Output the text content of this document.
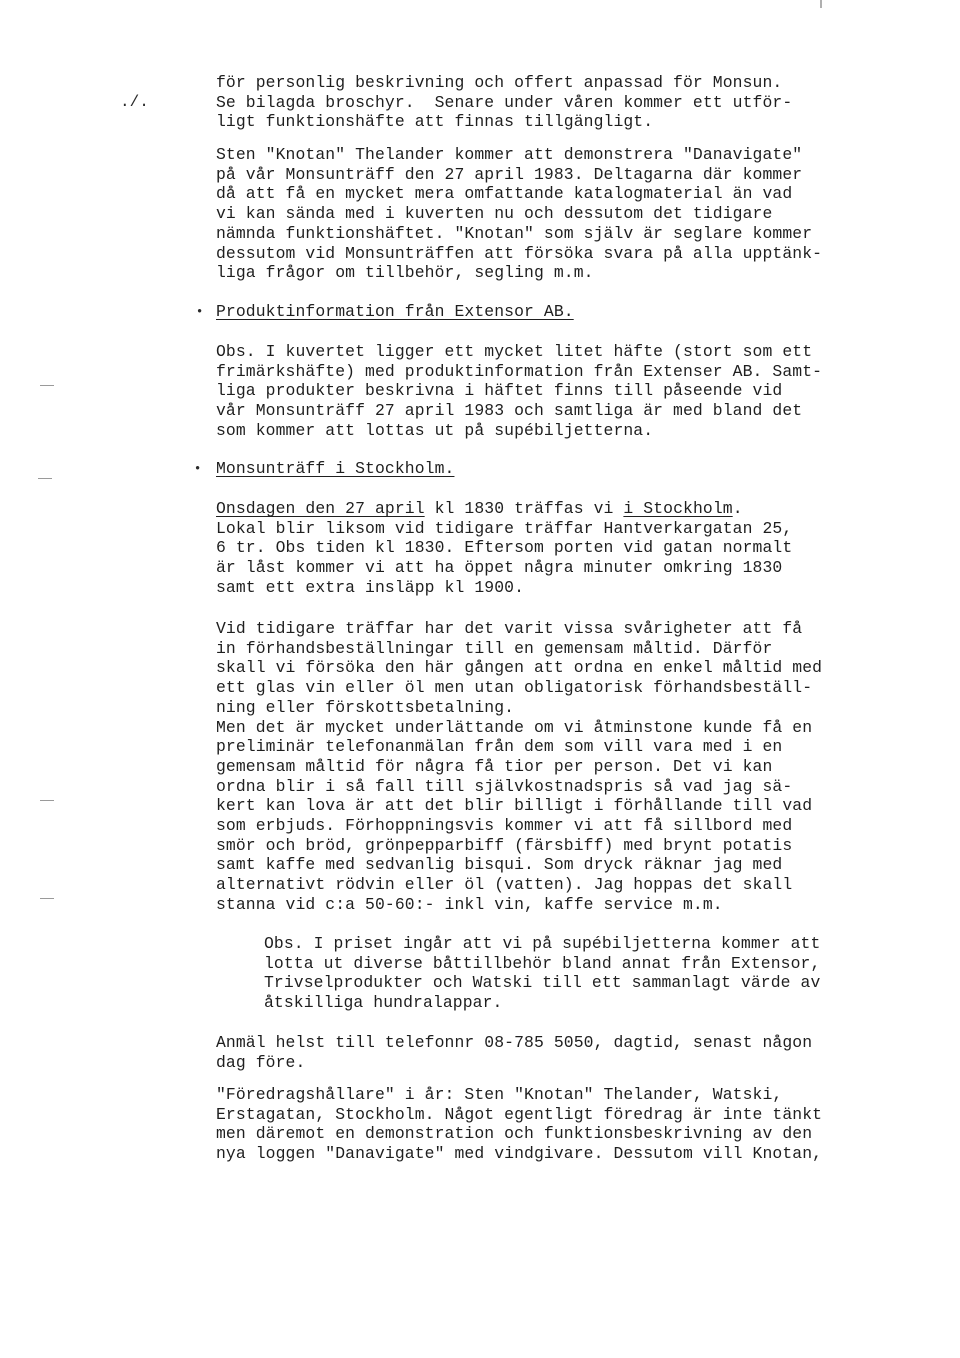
./.
för personlig beskrivning och offert anpassad för Monsun.
Se bilagda broschyr.  Senare under våren kommer ett utför-
ligt funktionshäfte att finnas tillgängligt.
Sten "Knotan" Thelander kommer att demonstrera "Danavigate"
på vår Monsunträff den 27 april 1983. Deltagarna där kommer
då att få en mycket mera omfattande katalogmaterial än vad
vi kan sända med i kuverten nu och dessutom det tidigare
nämnda funktionshäftet. "Knotan" som själv är seglare kommer
dessutom vid Monsunträffen att försöka svara på alla upptänk-
liga frågor om tillbehör, segling m.m.
• Produktinformation från Extensor AB.
Obs. I kuvertet ligger ett mycket litet häfte (stort som ett
frimärkshäfte) med produktinformation från Extenser AB. Samt-
liga produkter beskrivna i häftet finns till påseende vid
vår Monsunträff 27 april 1983 och samtliga är med bland det
som kommer att lottas ut på supébiljetterna.
• Monsunträff i Stockholm.
Onsdagen den 27 april kl 1830 träffas vi i Stockholm.
Lokal blir liksom vid tidigare träffar Hantverkargatan 25,
6 tr. Obs tiden kl 1830. Eftersom porten vid gatan normalt
är låst kommer vi att ha öppet några minuter omkring 1830
samt ett extra insläpp kl 1900.
Vid tidigare träffar har det varit vissa svårigheter att få
in förhandsbeställningar till en gemensam måltid. Därför
skall vi försöka den här gången att ordna en enkel måltid med
ett glas vin eller öl men utan obligatorisk förhandsbeställ-
ning eller förskottsbetalning.
Men det är mycket underlättande om vi åtminstone kunde få en
preliminär telefonanmälan från dem som vill vara med i en
gemensam måltid för några få tior per person. Det vi kan
ordna blir i så fall till självkostnadspris så vad jag sä-
kert kan lova är att det blir billigt i förhållande till vad
som erbjuds. Förhoppningsvis kommer vi att få sillbord med
smör och bröd, grönpepparbiff (färsbiff) med brynt potatis
samt kaffe med sedvanlig bisqui. Som dryck räknar jag med
alternativt rödvin eller öl (vatten). Jag hoppas det skall
stanna vid c:a 50-60:- inkl vin, kaffe service m.m.
Obs. I priset ingår att vi på supébiljetterna kommer att
lotta ut diverse båttillbehör bland annat från Extensor,
Trivselprodukter och Watski till ett sammanlagt värde av
åtskilliga hundralappar.
Anmäl helst till telefonnr 08-785 5050, dagtid, senast någon
dag före.
"Föredragshållare" i år: Sten "Knotan" Thelander, Watski,
Erstagatan, Stockholm. Något egentligt föredrag är inte tänkt
men däremot en demonstration och funktionsbeskrivning av den
nya loggen "Danavigate" med vindgivare. Dessutom vill Knotan,
